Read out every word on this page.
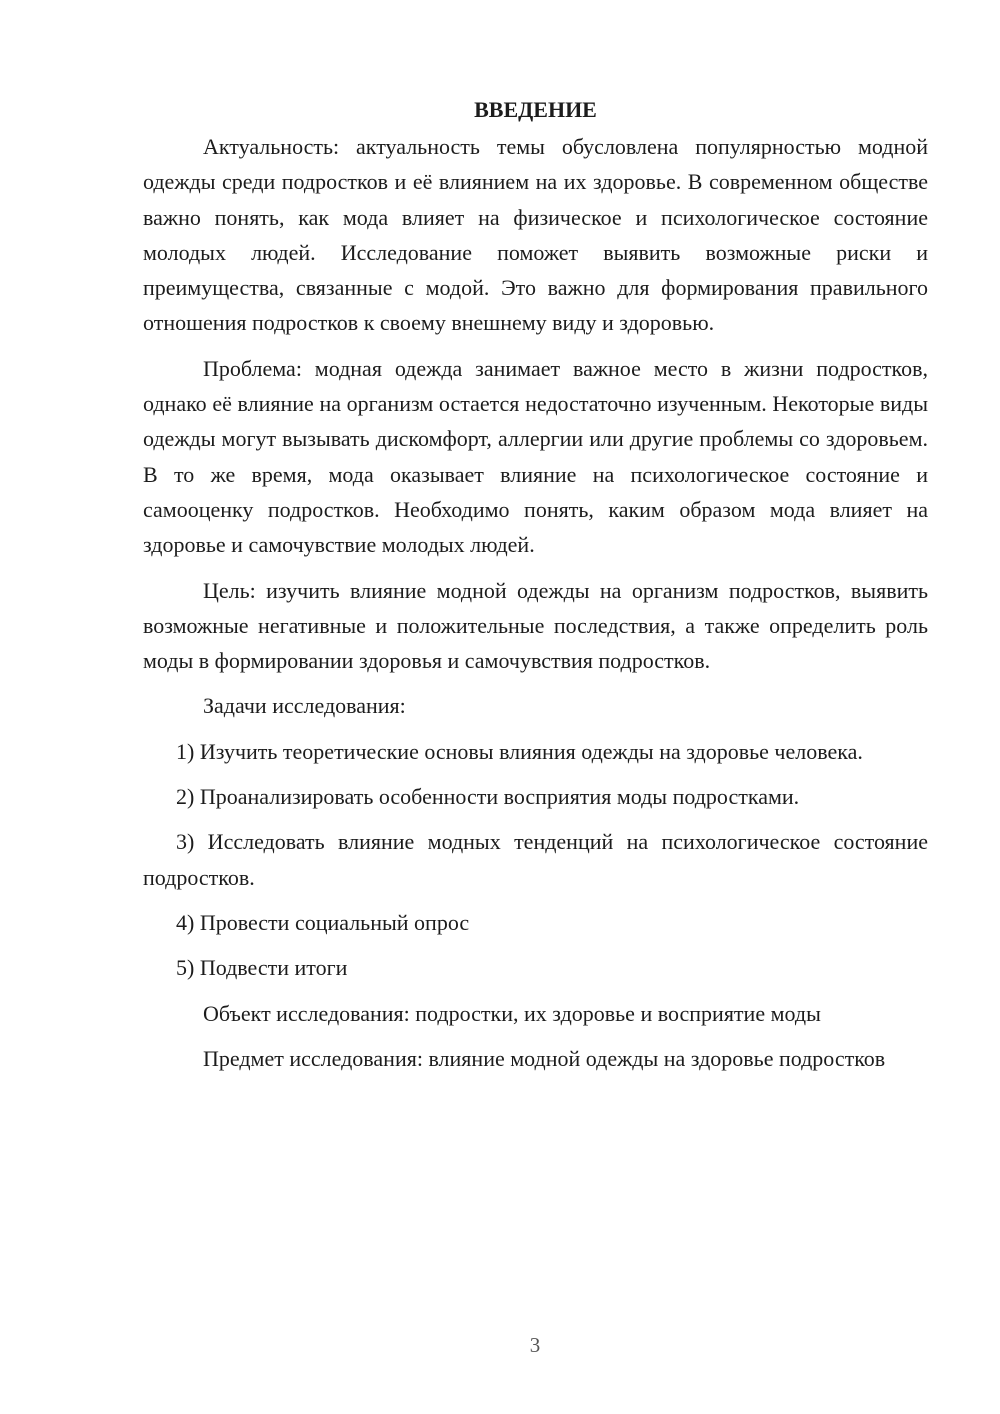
ВВЕДЕНИЕ

Актуальность: актуальность темы обусловлена популярностью модной одежды среди подростков и её влиянием на их здоровье. В современном обществе важно понять, как мода влияет на физическое и психологическое состояние молодых людей. Исследование поможет выявить возможные риски и преимущества, связанные с модой. Это важно для формирования правильного отношения подростков к своему внешнему виду и здоровью.

Проблема: модная одежда занимает важное место в жизни подростков, однако её влияние на организм остается недостаточно изученным. Некоторые виды одежды могут вызывать дискомфорт, аллергии или другие проблемы со здоровьем. В то же время, мода оказывает влияние на психологическое состояние и самооценку подростков. Необходимо понять, каким образом мода влияет на здоровье и самочувствие молодых людей.

Цель: изучить влияние модной одежды на организм подростков, выявить возможные негативные и положительные последствия, а также определить роль моды в формировании здоровья и самочувствия подростков.

Задачи исследования:

1) Изучить теоретические основы влияния одежды на здоровье человека.

2) Проанализировать особенности восприятия моды подростками.

3) Исследовать влияние модных тенденций на психологическое состояние подростков.

4) Провести социальный опрос

5) Подвести итоги

Объект исследования: подростки, их здоровье и восприятие моды

Предмет исследования: влияние модной одежды на здоровье подростков

3
